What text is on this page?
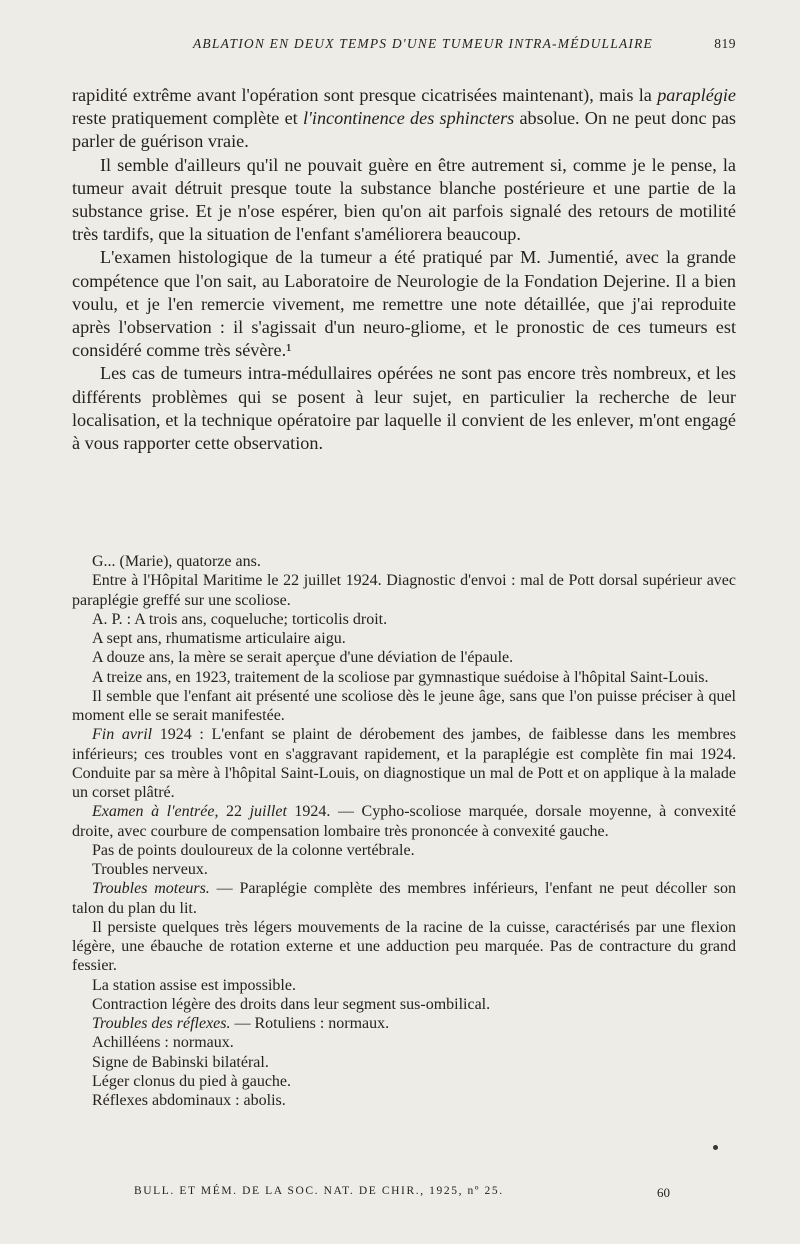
ABLATION EN DEUX TEMPS D'UNE TUMEUR INTRA-MÉDULLAIRE	819

rapidité extrême avant l'opération sont presque cicatrisées maintenant), mais la paraplégie reste pratiquement complète et l'incontinence des sphincters absolue. On ne peut donc pas parler de guérison vraie.

Il semble d'ailleurs qu'il ne pouvait guère en être autrement si, comme je le pense, la tumeur avait détruit presque toute la substance blanche postérieure et une partie de la substance grise. Et je n'ose espérer, bien qu'on ait parfois signalé des retours de motilité très tardifs, que la situation de l'enfant s'améliorera beaucoup.

L'examen histologique de la tumeur a été pratiqué par M. Jumentié, avec la grande compétence que l'on sait, au Laboratoire de Neurologie de la Fondation Dejerine. Il a bien voulu, et je l'en remercie vivement, me remettre une note détaillée, que j'ai reproduite après l'observation : il s'agissait d'un neuro-gliome, et le pronostic de ces tumeurs est considéré comme très sévère.¹

Les cas de tumeurs intra-médullaires opérées ne sont pas encore très nombreux, et les différents problèmes qui se posent à leur sujet, en particulier la recherche de leur localisation, et la technique opératoire par laquelle il convient de les enlever, m'ont engagé à vous rapporter cette observation.

G... (Marie), quatorze ans.

Entre à l'Hôpital Maritime le 22 juillet 1924. Diagnostic d'envoi : mal de Pott dorsal supérieur avec paraplégie greffé sur une scoliose.

A. P. : A trois ans, coqueluche; torticolis droit.

A sept ans, rhumatisme articulaire aigu.

A douze ans, la mère se serait aperçue d'une déviation de l'épaule.

A treize ans, en 1923, traitement de la scoliose par gymnastique suédoise à l'hôpital Saint-Louis.

Il semble que l'enfant ait présenté une scoliose dès le jeune âge, sans que l'on puisse préciser à quel moment elle se serait manifestée.

Fin avril 1924 : L'enfant se plaint de dérobement des jambes, de faiblesse dans les membres inférieurs; ces troubles vont en s'aggravant rapidement, et la paraplégie est complète fin mai 1924. Conduite par sa mère à l'hôpital Saint-Louis, on diagnostique un mal de Pott et on applique à la malade un corset plâtré.

Examen à l'entrée, 22 juillet 1924. — Cypho-scoliose marquée, dorsale moyenne, à convexité droite, avec courbure de compensation lombaire très prononcée à convexité gauche.

Pas de points douloureux de la colonne vertébrale.

Troubles nerveux.

Troubles moteurs. — Paraplégie complète des membres inférieurs, l'enfant ne peut décoller son talon du plan du lit.

Il persiste quelques très légers mouvements de la racine de la cuisse, caractérisés par une flexion légère, une ébauche de rotation externe et une adduction peu marquée. Pas de contracture du grand fessier.

La station assise est impossible.

Contraction légère des droits dans leur segment sus-ombilical.

Troubles des réflexes. — Rotuliens : normaux.

Achilléens : normaux.

Signe de Babinski bilatéral.

Léger clonus du pied à gauche.

Réflexes abdominaux : abolis.

BULL. ET MÉM. DE LA SOC. NAT. DE CHIR., 1925, nº 25.	60
